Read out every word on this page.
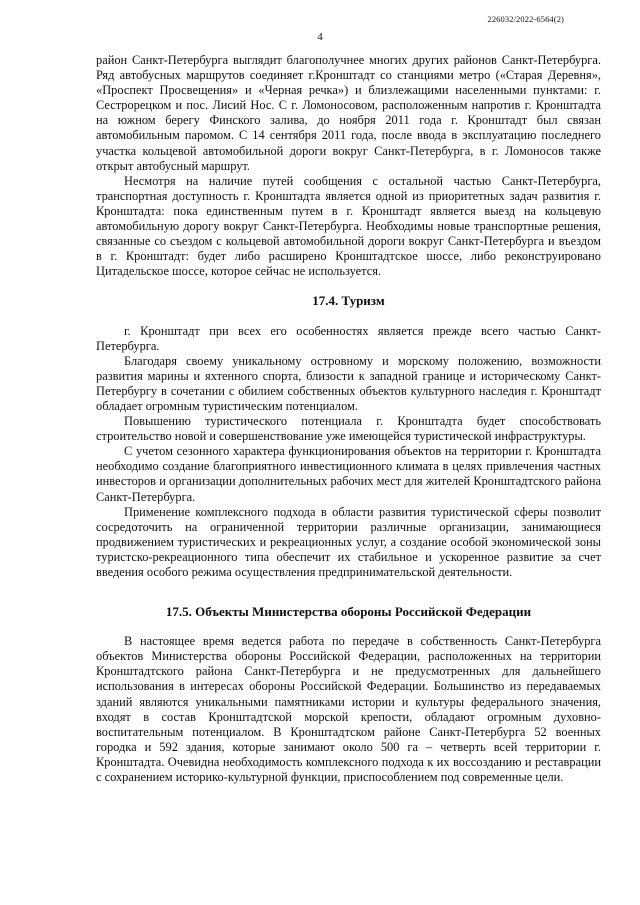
226032/2022-6564(2)
4

район Санкт-Петербурга выглядит благополучнее многих других районов Санкт-Петербурга. Ряд автобусных маршрутов соединяет г.Кронштадт со станциями метро («Старая Деревня», «Проспект Просвещения» и «Черная речка») и близлежащими населенными пунктами: г. Сестрорецком и пос. Лисий Нос. С г. Ломоносовом, расположенным напротив г. Кронштадта на южном берегу Финского залива, до ноября 2011 года г. Кронштадт был связан автомобильным паромом. С 14 сентября 2011 года, после ввода в эксплуатацию последнего участка кольцевой автомобильной дороги вокруг Санкт-Петербурга, в г. Ломоносов также открыт автобусный маршрут.

Несмотря на наличие путей сообщения с остальной частью Санкт-Петербурга, транспортная доступность г. Кронштадта является одной из приоритетных задач развития г. Кронштадта: пока единственным путем в г. Кронштадт является выезд на кольцевую автомобильную дорогу вокруг Санкт-Петербурга. Необходимы новые транспортные решения, связанные со съездом с кольцевой автомобильной дороги вокруг Санкт-Петербурга и въездом в г. Кронштадт: будет либо расширено Кронштадтское шоссе, либо реконструировано Цитадельское шоссе, которое сейчас не используется.

17.4. Туризм

г. Кронштадт при всех его особенностях является прежде всего частью Санкт-Петербурга.

Благодаря своему уникальному островному и морскому положению, возможности развития марины и яхтенного спорта, близости к западной границе и историческому Санкт-Петербургу в сочетании с обилием собственных объектов культурного наследия г. Кронштадт обладает огромным туристическим потенциалом.

Повышению туристического потенциала г. Кронштадта будет способствовать строительство новой и совершенствование уже имеющейся туристической инфраструктуры.

С учетом сезонного характера функционирования объектов на территории г. Кронштадта необходимо создание благоприятного инвестиционного климата в целях привлечения частных инвесторов и организации дополнительных рабочих мест для жителей Кронштадтского района Санкт-Петербурга.

Применение комплексного подхода в области развития туристической сферы позволит сосредоточить на ограниченной территории различные организации, занимающиеся продвижением туристических и рекреационных услуг, а создание особой экономической зоны туристско-рекреационного типа обеспечит их стабильное и ускоренное развитие за счет введения особого режима осуществления предпринимательской деятельности.

17.5. Объекты Министерства обороны Российской Федерации

В настоящее время ведется работа по передаче в собственность Санкт-Петербурга объектов Министерства обороны Российской Федерации, расположенных на территории Кронштадтского района Санкт-Петербурга и не предусмотренных для дальнейшего использования в интересах обороны Российской Федерации. Большинство из передаваемых зданий являются уникальными памятниками истории и культуры федерального значения, входят в состав Кронштадтской морской крепости, обладают огромным духовно-воспитательным потенциалом. В Кронштадтском районе Санкт-Петербурга 52 военных городка и 592 здания, которые занимают около 500 га – четверть всей территории г. Кронштадта. Очевидна необходимость комплексного подхода к их воссозданию и реставрации с сохранением историко-культурной функции, приспособлением под современные цели.
